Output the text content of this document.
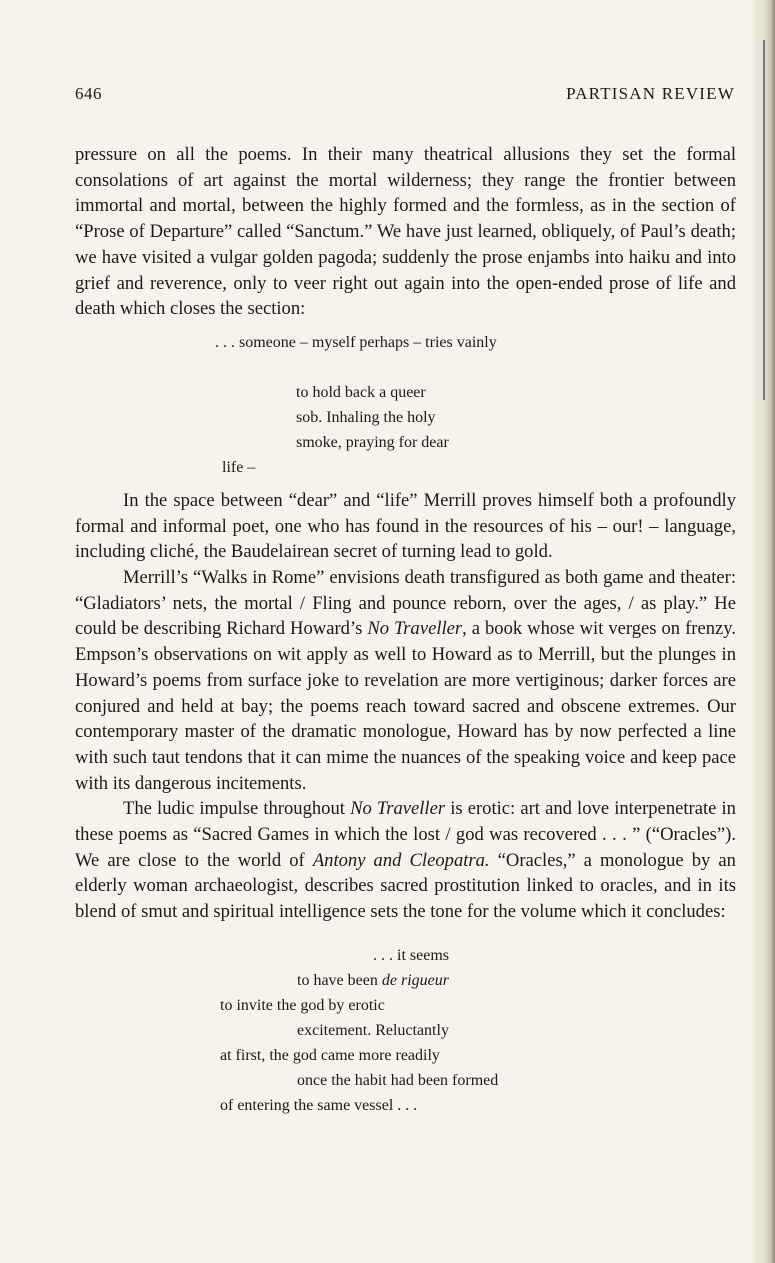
646	PARTISAN REVIEW

pressure on all the poems. In their many theatrical allusions they set the formal consolations of art against the mortal wilderness; they range the frontier between immortal and mortal, between the highly formed and the formless, as in the section of “Prose of Departure” called “Sanctum.” We have just learned, obliquely, of Paul’s death; we have visited a vulgar golden pagoda; suddenly the prose enjambs into haiku and into grief and reverence, only to veer right out again into the open-ended prose of life and death which closes the section:

. . . someone – myself perhaps – tries vainly
to hold back a queer
sob. Inhaling the holy
smoke, praying for dear
life –

In the space between “dear” and “life” Merrill proves himself both a profoundly formal and informal poet, one who has found in the resources of his – our! – language, including cliché, the Baudelairean secret of turning lead to gold.

Merrill’s “Walks in Rome” envisions death transfigured as both game and theater: “Gladiators’ nets, the mortal / Fling and pounce reborn, over the ages, / as play.” He could be describing Richard Howard’s No Traveller, a book whose wit verges on frenzy. Empson’s observations on wit apply as well to Howard as to Merrill, but the plunges in Howard’s poems from surface joke to revelation are more vertiginous; darker forces are conjured and held at bay; the poems reach toward sacred and obscene extremes. Our contemporary master of the dramatic monologue, Howard has by now perfected a line with such taut tendons that it can mime the nuances of the speaking voice and keep pace with its dangerous incitements.

The ludic impulse throughout No Traveller is erotic: art and love interpenetrate in these poems as “Sacred Games in which the lost / god was recovered . . . ” (“Oracles”). We are close to the world of Antony and Cleopatra. “Oracles,” a monologue by an elderly woman archaeologist, describes sacred prostitution linked to oracles, and in its blend of smut and spiritual intelligence sets the tone for the volume which it concludes:

. . . it seems
to have been de rigueur
to invite the god by erotic
excitement. Reluctantly
at first, the god came more readily
once the habit had been formed
of entering the same vessel . . .
